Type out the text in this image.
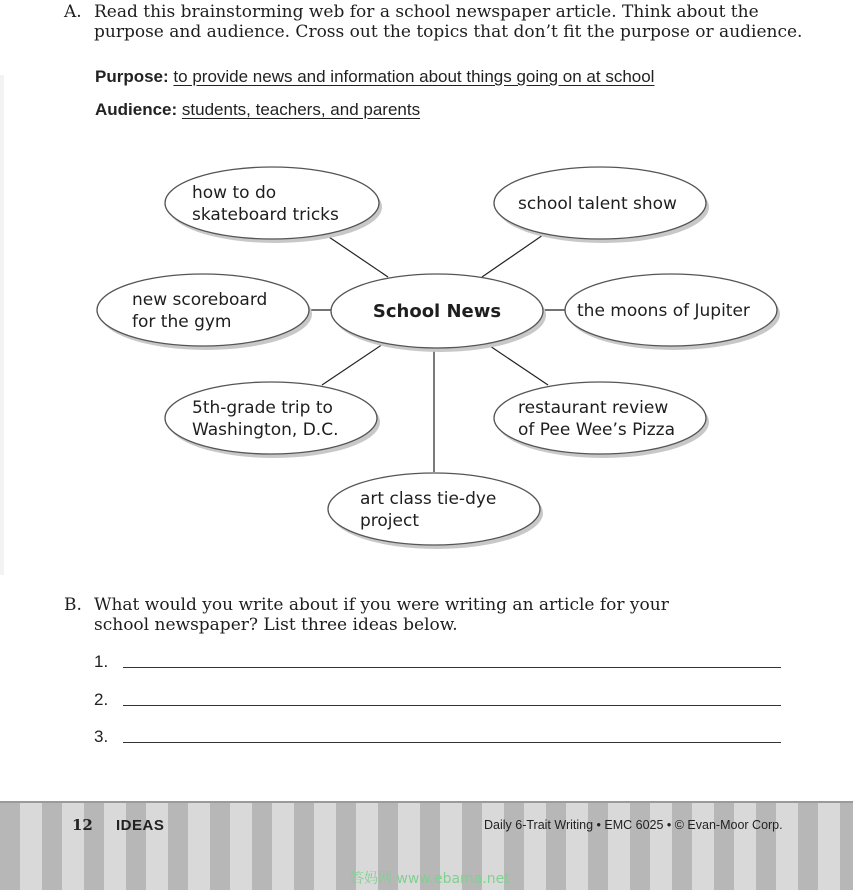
A. Read this brainstorming web for a school newspaper article. Think about the
purpose and audience. Cross out the topics that don’t fit the purpose or audience.
Purpose: to provide news and information about things going on at school
Audience: students, teachers, and parents
School News
how to do
skateboard tricks
school talent show
new scoreboard
for the gym
the moons of Jupiter
5th-grade trip to
Washington, D.C.
restaurant review
of Pee Wee’s Pizza
art class tie-dye
project
B. What would you write about if you were writing an article for your
school newspaper? List three ideas below.
1.
2.
3.
12 IDEAS	Daily 6-Trait Writing • EMC 6025 • © Evan-Moor Corp.
答妈网 www.ebama.net
